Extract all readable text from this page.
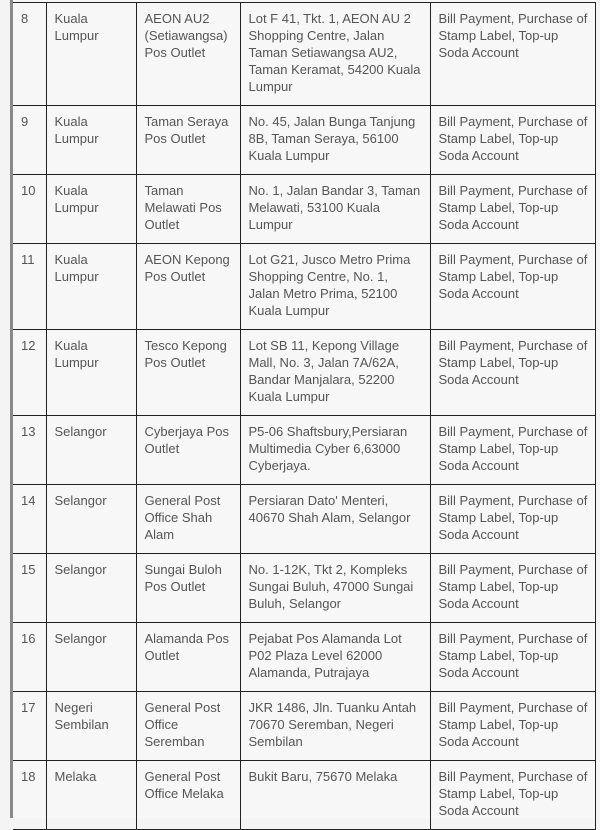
8	Kuala Lumpur	AEON AU2 (Setiawangsa) Pos Outlet	Lot F 41, Tkt. 1, AEON AU 2 Shopping Centre, Jalan Taman Setiawangsa AU2, Taman Keramat, 54200 Kuala Lumpur	Bill Payment, Purchase of Stamp Label, Top-up Soda Account
9	Kuala Lumpur	Taman Seraya Pos Outlet	No. 45, Jalan Bunga Tanjung 8B, Taman Seraya, 56100 Kuala Lumpur	Bill Payment, Purchase of Stamp Label, Top-up Soda Account
10	Kuala Lumpur	Taman Melawati Pos Outlet	No. 1, Jalan Bandar 3, Taman Melawati, 53100 Kuala Lumpur	Bill Payment, Purchase of Stamp Label, Top-up Soda Account
11	Kuala Lumpur	AEON Kepong Pos Outlet	Lot G21, Jusco Metro Prima Shopping Centre, No. 1, Jalan Metro Prima, 52100 Kuala Lumpur	Bill Payment, Purchase of Stamp Label, Top-up Soda Account
12	Kuala Lumpur	Tesco Kepong Pos Outlet	Lot SB 11, Kepong Village Mall, No. 3, Jalan 7A/62A, Bandar Manjalara, 52200 Kuala Lumpur	Bill Payment, Purchase of Stamp Label, Top-up Soda Account
13	Selangor	Cyberjaya Pos Outlet	P5-06 Shaftsbury,Persiaran Multimedia Cyber 6,63000 Cyberjaya.	Bill Payment, Purchase of Stamp Label, Top-up Soda Account
14	Selangor	General Post Office Shah Alam	Persiaran Dato' Menteri, 40670 Shah Alam, Selangor	Bill Payment, Purchase of Stamp Label, Top-up Soda Account
15	Selangor	Sungai Buloh Pos Outlet	No. 1-12K, Tkt 2, Kompleks Sungai Buluh, 47000 Sungai Buluh, Selangor	Bill Payment, Purchase of Stamp Label, Top-up Soda Account
16	Selangor	Alamanda Pos Outlet	Pejabat Pos Alamanda Lot P02 Plaza Level 62000 Alamanda, Putrajaya	Bill Payment, Purchase of Stamp Label, Top-up Soda Account
17	Negeri Sembilan	General Post Office Seremban	JKR 1486, Jln. Tuanku Antah 70670 Seremban, Negeri Sembilan	Bill Payment, Purchase of Stamp Label, Top-up Soda Account
18	Melaka	General Post Office Melaka	Bukit Baru, 75670 Melaka	Bill Payment, Purchase of Stamp Label, Top-up Soda Account
